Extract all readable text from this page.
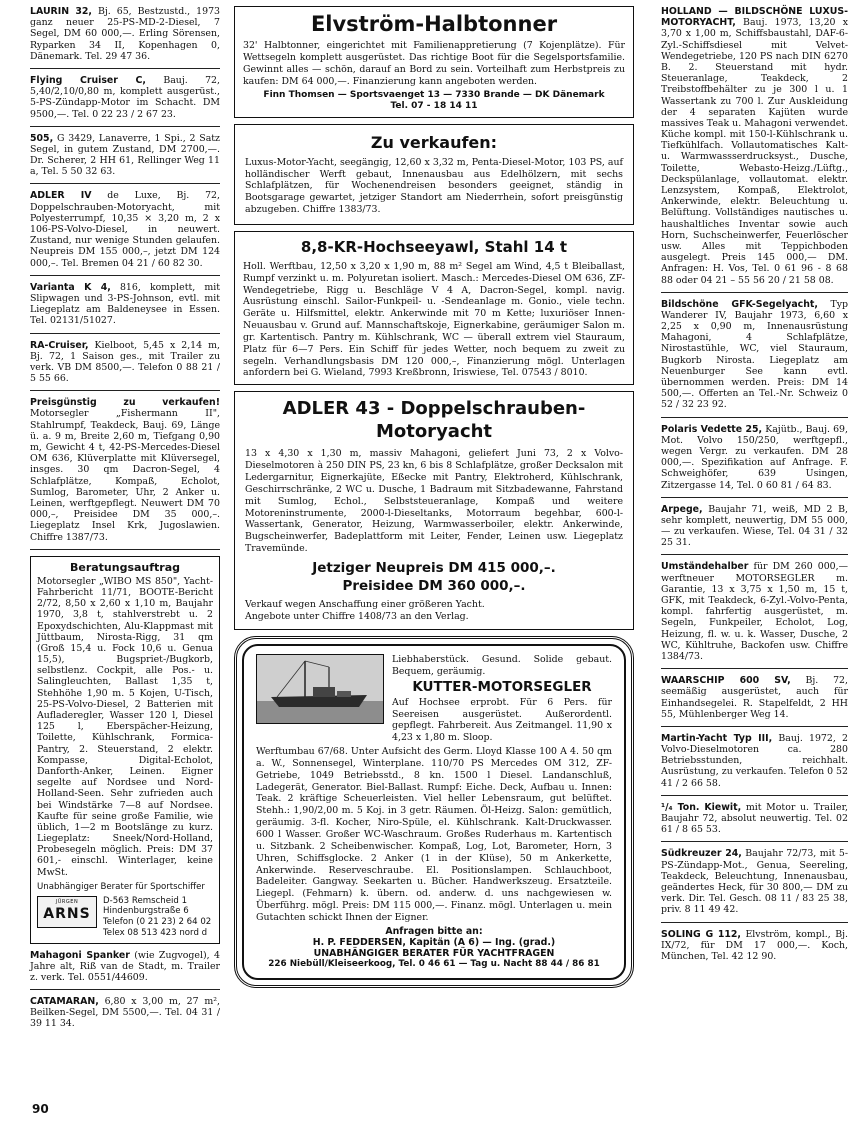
LAURIN 32, Bj. 65, Bestzustd., 1973 ganz neuer 25-PS-MD-2-Diesel, 7 Segel, DM 60 000,—. Erling Sörensen, Ryparken 34 II, Kopenhagen 0, Dänemark. Tel. 29 47 36.
Flying Cruiser C, Bauj. 72, 5,40/2,10/0,80 m, komplett ausgerüst., 5-PS-Zündapp-Motor im Schacht. DM 9500,—. Tel. 0 22 23 / 2 67 23.
505, G 3429, Lanaverre, 1 Spi., 2 Satz Segel, in gutem Zustand, DM 2700,—. Dr. Scherer, 2 HH 61, Rellinger Weg 11 a, Tel. 5 50 32 63.
ADLER IV de Luxe, Bj. 72, Doppelschrauben-Motoryacht, mit Polyesterrumpf, 10,35 × 3,20 m, 2 x 106-PS-Volvo-Diesel, in neuwert. Zustand, nur wenige Stunden gelaufen. Neupreis DM 155 000,–, jetzt DM 124 000,–. Tel. Bremen 04 21 / 60 82 30.
Varianta K 4, 816, komplett, mit Slipwagen und 3-PS-Johnson, evtl. mit Liegeplatz am Baldeneysee in Essen. Tel. 02131/51027.
RA-Cruiser, Kielboot, 5,45 x 2,14 m, Bj. 72, 1 Saison ges., mit Trailer zu verk. VB DM 8500,—. Telefon 0 88 21 / 5 55 66.
Preisgünstig zu verkaufen! Motorsegler „Fishermann II", Stahlrumpf, Teakdeck, Bauj. 69, Länge ü. a. 9 m, Breite 2,60 m, Tiefgang 0,90 m, Gewicht 4 t, 42-PS-Mercedes-Diesel OM 636, Klüverplatte mit Klüversegel, insges. 30 qm Dacron-Segel, 4 Schlafplätze, Kompaß, Echolot, Sumlog, Barometer, Uhr, 2 Anker u. Leinen, werftgepflegt. Neuwert DM 70 000,–, Preisidee DM 35 000,–. Liegeplatz Insel Krk, Jugoslawien. Chiffre 1387/73.
Beratungsauftrag
Motorsegler „WIBO MS 850", Yacht-Fahrbericht 11/71, BOOTE-Bericht 2/72, 8,50 x 2,60 x 1,10 m, Baujahr 1970, 3,8 t, stahlverstrebt u. 2 Epoxydschichten, Alu-Klappmast mit Jüttbaum, Nirosta-Rigg, 31 qm (Groß 15,4 u. Fock 10,6 u. Genua 15,5), Bugspriet-/Bugkorb, selbstlenz. Cockpit, alle Pos.- u. Salingleuchten, Ballast 1,35 t, Stehhöhe 1,90 m. 5 Kojen, U-Tisch, 25-PS-Volvo-Diesel, 2 Batterien mit Aufladeregler, Wasser 120 l, Diesel 125 l, Eberspächer-Heizung, Toilette, Kühlschrank, Formica-Pantry, 2. Steuerstand, 2 elektr. Kompasse, Digital-Echolot, Danforth-Anker, Leinen. Eigner segelte auf Nordsee und Nord-Holland-Seen. Sehr zufrieden auch bei Windstärke 7—8 auf Nordsee. Kaufte für seine große Familie, wie üblich, 1—2 m Bootslänge zu kurz. Liegeplatz: Sneek/Nord-Holland, Probesegeln möglich. Preis: DM 37 601,- einschl. Winterlager, keine MwSt.
Unabhängiger Berater für Sportschiffer
JÜRGEN
ARNS
D-563 Remscheid 1
Hindenburgstraße 6
Telefon (0 21 23) 2 64 02
Telex 08 513 423 nord d
Mahagoni Spanker (wie Zugvogel), 4 Jahre alt, Riß van de Stadt, m. Trailer z. verk. Tel. 0551/44609.
CATAMARAN, 6,80 x 3,00 m, 27 m², Beilken-Segel, DM 5500,—. Tel. 04 31 / 39 11 34.
Elvström-Halbtonner
32' Halbtonner, eingerichtet mit Familienappretierung (7 Kojenplätze). Für Wettsegeln komplett ausgerüstet. Das richtige Boot für die Segelsportsfamilie. Gewinnt alles — schön, darauf an Bord zu sein. Vorteilhaft zum Herbstpreis zu kaufen: DM 64 000,—. Finanzierung kann angeboten werden.
Finn Thomsen — Sportsvaenget 13 — 7330 Brande — DK Dänemark
Tel. 07 - 18 14 11
Zu verkaufen:
Luxus-Motor-Yacht, seegängig, 12,60 x 3,32 m, Penta-Diesel-Motor, 103 PS, auf holländischer Werft gebaut, Innenausbau aus Edelhölzern, mit sechs Schlafplätzen, für Wochenendreisen besonders geeignet, ständig in Bootsgarage gewartet, jetziger Standort am Niederrhein, sofort preisgünstig abzugeben. Chiffre 1383/73.
8,8-KR-Hochseeyawl, Stahl 14 t
Holl. Werftbau, 12,50 x 3,20 x 1,90 m, 88 m² Segel am Wind, 4,5 t Bleiballast, Rumpf verzinkt u. m. Polyuretan isoliert. Masch.: Mercedes-Diesel OM 636, ZF-Wendegetriebe, Rigg u. Beschläge V 4 A, Dacron-Segel, kompl. navig. Ausrüstung einschl. Sailor-Funkpeil- u. -Sendeanlage m. Gonio., viele techn. Geräte u. Hilfsmittel, elektr. Ankerwinde mit 70 m Kette; luxuriöser Innen-Neuausbau v. Grund auf. Mannschaftskoje, Eignerkabine, geräumiger Salon m. gr. Kartentisch. Pantry m. Kühlschrank, WC — überall extrem viel Stauraum, Platz für 6—7 Pers. Ein Schiff für jedes Wetter, noch bequem zu zweit zu segeln. Verhandlungsbasis DM 120 000,–, Finanzierung mögl. Unterlagen anfordern bei G. Wieland, 7993 Kreßbronn, Iriswiese, Tel. 07543 / 8010.
ADLER 43 - Doppelschrauben-
Motoryacht
13 x 4,30 x 1,30 m, massiv Mahagoni, geliefert Juni 73, 2 x Volvo-Dieselmotoren à 250 DIN PS, 23 kn, 6 bis 8 Schlafplätze, großer Decksalon mit Ledergarnitur, Eignerkajüte, Eßecke mit Pantry, Elektroherd, Kühlschrank, Geschirrschränke, 2 WC u. Dusche, 1 Badraum mit Sitzbadewanne, Fahrstand mit Sumlog, Echol., Selbststeueranlage, Kompaß und weitere Motoreninstrumente, 2000-l-Dieseltanks, Motorraum begehbar, 600-l-Wassertank, Generator, Heizung, Warmwasserboiler, elektr. Ankerwinde, Bugscheinwerfer, Badeplattform mit Leiter, Fender, Leinen usw. Liegeplatz Travemünde.
Jetziger Neupreis DM 415 000,–.
Preisidee DM 360 000,–.
Verkauf wegen Anschaffung einer größeren Yacht.
Angebote unter Chiffre 1408/73 an den Verlag.
Liebhaberstück. Gesund. Solide gebaut. Bequem, geräumig.
KUTTER-MOTORSEGLER
Auf Hochsee erprobt. Für 6 Pers. für Seereisen ausgerüstet. Außerordentl. gepflegt. Fahrbereit. Aus Zeitmangel. 11,90 x 4,23 x 1,80 m. Sloop.
Werftumbau 67/68. Unter Aufsicht des Germ. Lloyd Klasse 100 A 4. 50 qm a. W., Sonnensegel, Winterplane. 110/70 PS Mercedes OM 312, ZF-Getriebe, 1049 Betriebsstd., 8 kn. 1500 l Diesel. Landanschluß, Ladegerät, Generator. Biel-Ballast. Rumpf: Eiche. Deck, Aufbau u. Innen: Teak. 2 kräftige Scheuerleisten. Viel heller Lebensraum, gut belüftet. Stehh.: 1,90/2,00 m. 5 Koj. in 3 getr. Räumen. Öl-Heizg. Salon: gemütlich, geräumig. 3-fl. Kocher, Niro-Spüle, el. Kühlschrank. Kalt-Druckwasser. 600 l Wasser. Großer WC-Waschraum. Großes Ruderhaus m. Kartentisch u. Sitzbank. 2 Scheibenwischer. Kompaß, Log, Lot, Barometer, Horn, 3 Uhren, Schiffsglocke. 2 Anker (1 in der Klüse), 50 m Ankerkette, Ankerwinde. Reserveschraube. El. Positionslampen. Schlauchboot, Badeleiter. Gangway. Seekarten u. Bücher. Handwerkszeug. Ersatzteile. Liegepl. (Fehmarn) k. übern. od. anderw. d. uns nachgewiesen w. Überführg. mögl. Preis: DM 115 000,—. Finanz. mögl. Unterlagen u. mein Gutachten schickt Ihnen der Eigner.
Anfragen bitte an:
H. P. FEDDERSEN, Kapitän (A 6) — Ing. (grad.)
UNABHÄNGIGER BERATER FÜR YACHTFRAGEN
226 Niebüll/Kleiseerkoog, Tel. 0 46 61 — Tag u. Nacht 88 44 / 86 81
HOLLAND — BILDSCHÖNE LUXUS-MOTORYACHT, Bauj. 1973, 13,20 x 3,70 x 1,00 m, Schiffsbaustahl, DAF-6-Zyl.-Schiffsdiesel mit Velvet-Wendegetriebe, 120 PS nach DIN 6270 B. 2. Steuerstand mit hydr. Steueranlage, Teakdeck, 2 Treibstoffbehälter zu je 300 l u. 1 Wassertank zu 700 l. Zur Auskleidung der 4 separaten Kajüten wurde massives Teak u. Mahagoni verwendet. Küche kompl. mit 150-l-Kühlschrank u. Tiefkühlfach. Vollautomatisches Kalt- u. Warmwassserdrucksyst., Dusche, Toilette, Webasto-Heizg./Lüftg., Deckspülanlage, vollautomat. elektr. Lenzsystem, Kompaß, Elektrolot, Ankerwinde, elektr. Beleuchtung u. Belüftung. Vollständiges nautisches u. haushaltliches Inventar sowie auch Horn, Suchscheinwerfer, Feuerlöscher usw. Alles mit Teppichboden ausgelegt. Preis 145 000,— DM. Anfragen: H. Vos, Tel. 0 61 96 - 8 68 88 oder 04 21 – 55 56 20 / 21 58 08.
Bildschöne GFK-Segelyacht, Typ Wanderer IV, Baujahr 1973, 6,60 x 2,25 x 0,90 m, Innenausrüstung Mahagoni, 4 Schlafplätze, Nirostastühle, WC, viel Stauraum, Bugkorb Nirosta. Liegeplatz am Neuenburger See kann evtl. übernommen werden. Preis: DM 14 500,—. Offerten an Tel.-Nr. Schweiz 0 52 / 32 23 92.
Polaris Vedette 25, Kajütb., Bauj. 69, Mot. Volvo 150/250, werftgepfl., wegen Vergr. zu verkaufen. DM 28 000,—. Spezifikation auf Anfrage. F. Schweighöfer, 639 Usingen, Zitzergasse 14, Tel. 0 60 81 / 64 83.
Arpege, Baujahr 71, weiß, MD 2 B, sehr komplett, neuwertig, DM 55 000,— zu verkaufen. Wiese, Tel. 04 31 / 32 25 31.
Umständehalber für DM 260 000,— werftneuer MOTORSEGLER m. Garantie, 13 x 3,75 x 1,50 m, 15 t, GFK, mit Teakdeck, 6-Zyl.-Volvo-Penta, kompl. fahrfertig ausgerüstet, m. Segeln, Funkpeiler, Echolot, Log, Heizung, fl. w. u. k. Wasser, Dusche, 2 WC, Kühltruhe, Backofen usw. Chiffre 1384/73.
WAARSCHIP 600 SV, Bj. 72, seemäßig ausgerüstet, auch für Einhandsegelei. R. Stapelfeldt, 2 HH 55, Mühlenberger Weg 14.
Martin-Yacht Typ III, Bauj. 1972, 2 Volvo-Dieselmotoren ca. 280 Betriebsstunden, reichhalt. Ausrüstung, zu verkaufen. Telefon 0 52 41 / 2 66 58.
¹/₄ Ton. Kiewit, mit Motor u. Trailer, Baujahr 72, absolut neuwertig. Tel. 02 61 / 8 65 53.
Südkreuzer 24, Baujahr 72/73, mit 5-PS-Zündapp-Mot., Genua, Seereling, Teakdeck, Beleuchtung, Innenausbau, geändertes Heck, für 30 800,— DM zu verk. Dir. Tel. Gesch. 08 11 / 83 25 38, priv. 8 11 49 42.
SOLING G 112, Elvström, kompl., Bj. IX/72, für DM 17 000,—. Koch, München, Tel. 42 12 90.
90
